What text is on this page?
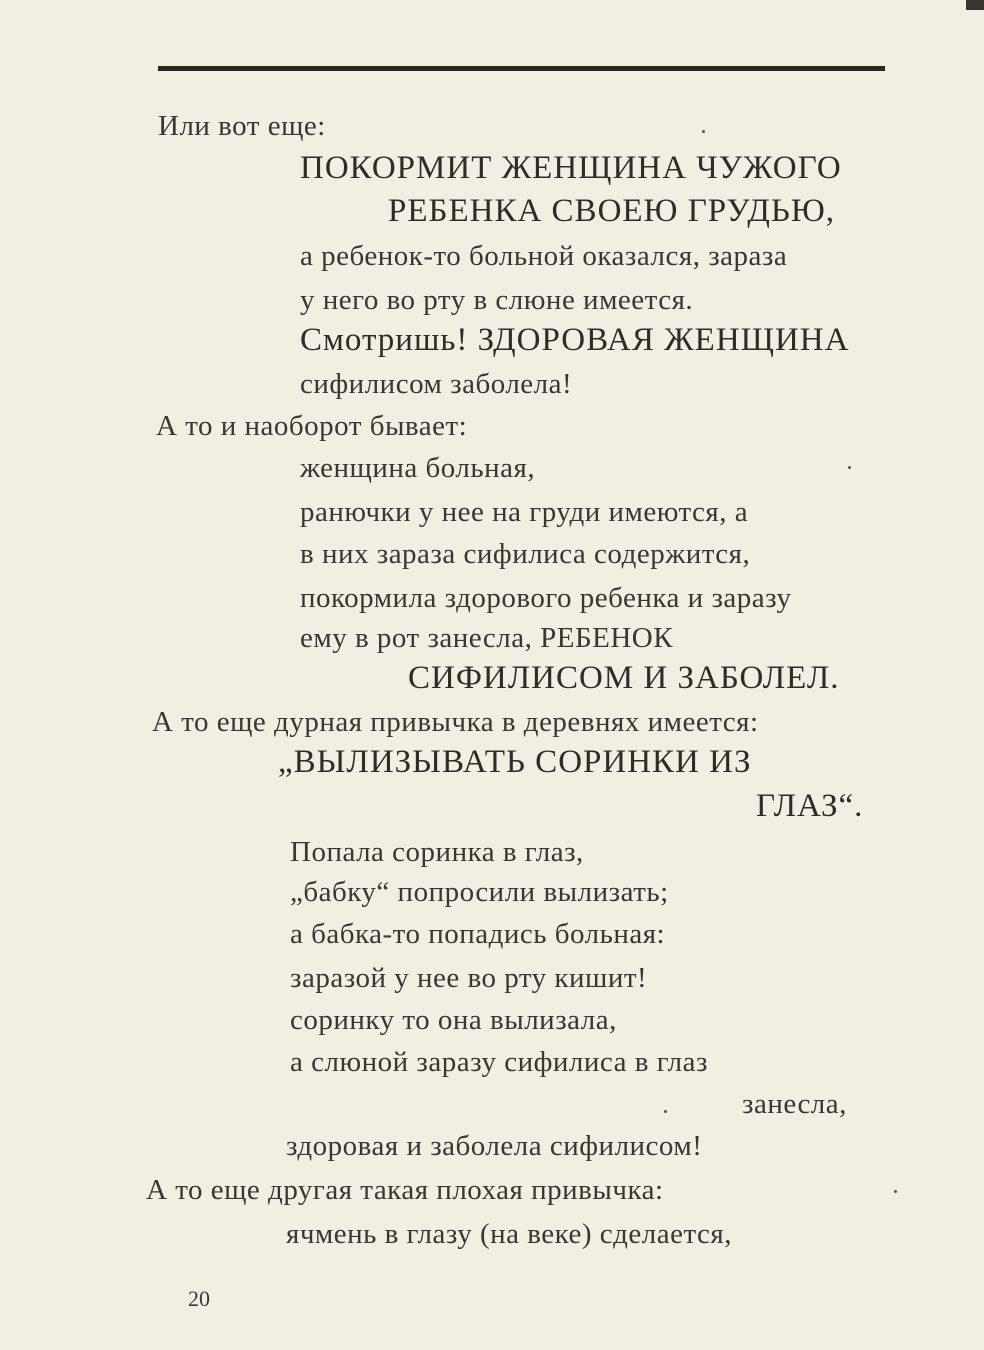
Или вот еще:
ПОКОРМИТ ЖЕНЩИНА ЧУЖОГО
РЕБЕНКА СВОЕЮ ГРУДЬЮ,
а ребенок-то больной оказался, зараза
у него во рту в слюне имеется.
Смотришь! ЗДОРОВАЯ ЖЕНЩИНА
сифилисом заболела!
А то и наоборот бывает:
женщина больная,
ранючки у нее на груди имеются, а
в них зараза сифилиса содержится,
покормила здорового ребенка и заразу
ему в рот занесла, РЕБЕНОК
СИФИЛИСОМ И ЗАБОЛЕЛ.
А то еще дурная привычка в деревнях имеется:
„ВЫЛИЗЫВАТЬ СОРИНКИ ИЗ
ГЛАЗ“.
Попала соринка в глаз,
„бабку“ попросили вылизать;
а бабка-то попадись больная:
заразой у нее во рту кишит!
соринку то она вылизала,
а слюной заразу сифилиса в глаз
занесла,
здоровая и заболела сифилисом!
А то еще другая такая плохая привычка:
ячмень в глазу (на веке) сделается,
20
